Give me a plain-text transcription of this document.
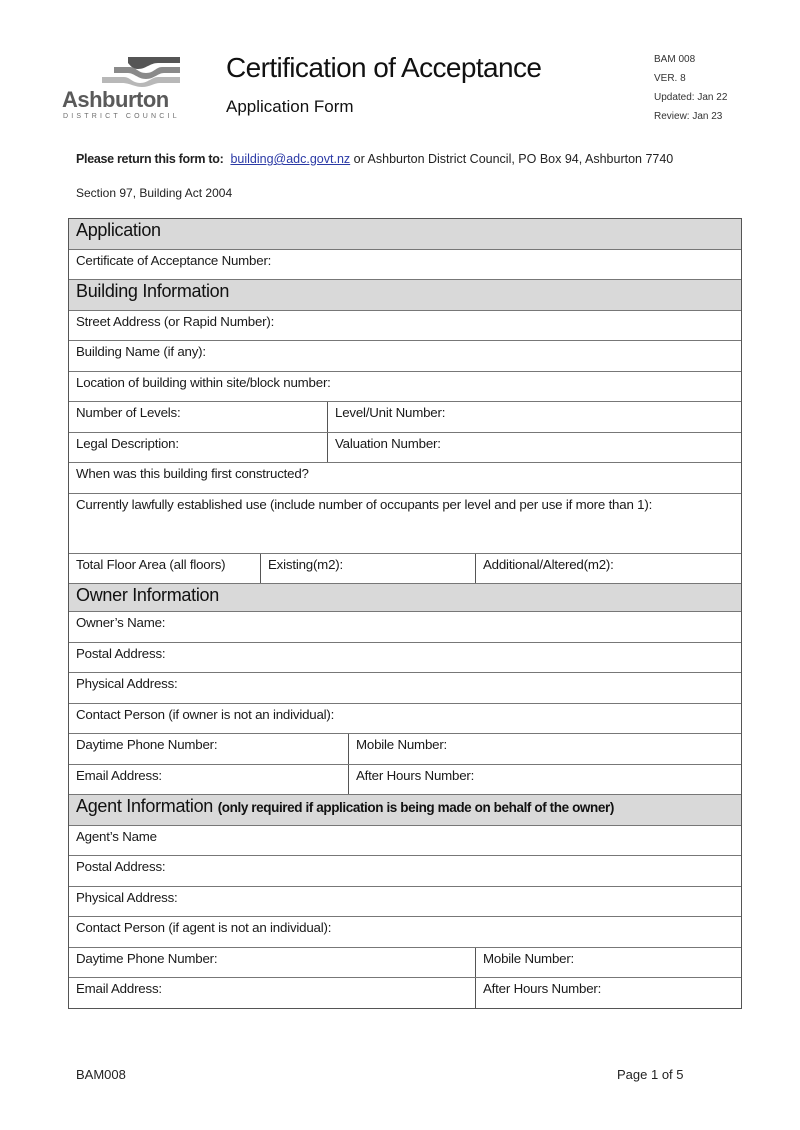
Ashburton
DISTRICT COUNCIL
Certification of Acceptance
Application Form
BAM 008
VER. 8
Updated: Jan 22
Review: Jan 23
Please return this form to: building@adc.govt.nz or Ashburton District Council, PO Box 94, Ashburton 7740
Section 97, Building Act 2004
Application
Certificate of Acceptance Number:
Building Information
Street Address (or Rapid Number):
Building Name (if any):
Location of building within site/block number:
Number of Levels:	Level/Unit Number:
Legal Description:	Valuation Number:
When was this building first constructed?
Currently lawfully established use (include number of occupants per level and per use if more than 1):
Total Floor Area (all floors)	Existing(m2):	Additional/Altered(m2):
Owner Information
Owner’s Name:
Postal Address:
Physical Address:
Contact Person (if owner is not an individual):
Daytime Phone Number:	Mobile Number:
Email Address:	After Hours Number:
Agent Information (only required if application is being made on behalf of the owner)
Agent’s Name
Postal Address:
Physical Address:
Contact Person (if agent is not an individual):
Daytime Phone Number:	Mobile Number:
Email Address:	After Hours Number:
BAM008	Page 1 of 5
